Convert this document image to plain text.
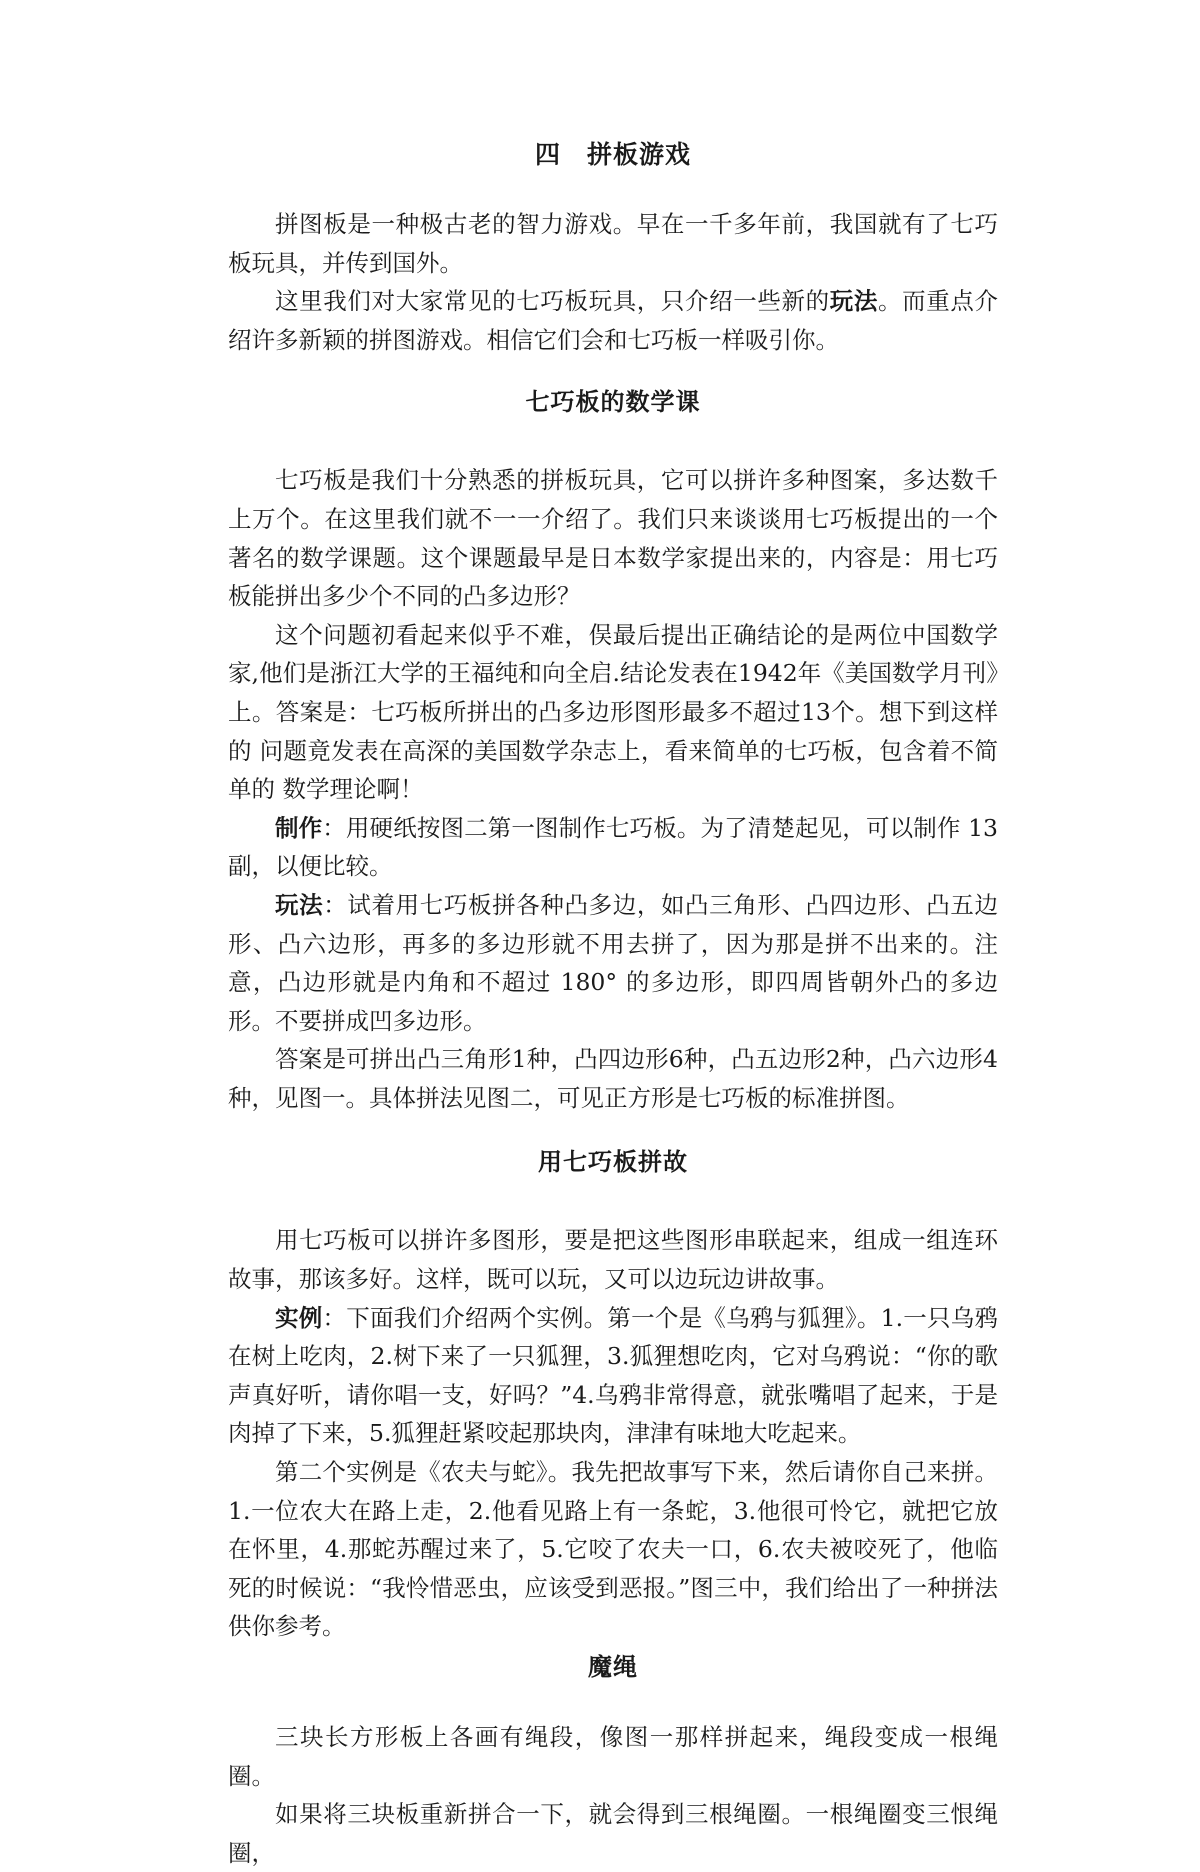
四 拼板游戏

拼图板是一种极古老的智力游戏。早在一千多年前，我国就有了七巧板玩具，并传到国外。

这里我们对大家常见的七巧板玩具，只介绍一些新的玩法。而重点介绍许多新颖的拼图游戏。相信它们会和七巧板一样吸引你。

七巧板的数学课

七巧板是我们十分熟悉的拼板玩具，它可以拼许多种图案，多达数千上万个。在这里我们就不一一介绍了。我们只来谈谈用七巧板提出的一个著名的数学课题。这个课题最早是日本数学家提出来的，内容是：用七巧板能拼出多少个不同的凸多边形？

这个问题初看起来似乎不难，俣最后提出正确结论的是两位中国数学 家,他们是浙江大学的王福纯和向全启.结论发表在1942年《美国数学月刊》上。答案是：七巧板所拼出的凸多边形图形最多不超过13个。想下到这样的 问题竟发表在高深的美国数学杂志上，看来简单的七巧板，包含着不简单的 数学理论啊！

制作：用硬纸按图二第一图制作七巧板。为了清楚起见，可以制作 13 副，以便比较。

玩法：试着用七巧板拼各种凸多边，如凸三角形、凸四边形、凸五边形、凸六边形，再多的多边形就不用去拼了，因为那是拼不出来的。注意，凸边形就是内角和不超过 180° 的多边形，即四周皆朝外凸的多边形。不要拼成凹多边形。

答案是可拼出凸三角形1种，凸四边形6种，凸五边形2种，凸六边形4种，见图一。具体拼法见图二，可见正方形是七巧板的标准拼图。

用七巧板拼故

用七巧板可以拼许多图形，要是把这些图形串联起来，组成一组连环故事，那该多好。这样，既可以玩，又可以边玩边讲故事。

实例：下面我们介绍两个实例。第一个是《乌鸦与狐狸》。1.一只乌鸦在树上吃肉，2.树下来了一只狐狸，3.狐狸想吃肉，它对乌鸦说：“你的歌声真好听，请你唱一支，好吗？”4.乌鸦非常得意，就张嘴唱了起来，于是肉掉了下来，5.狐狸赶紧咬起那块肉，津津有味地大吃起来。

第二个实例是《农夫与蛇》。我先把故事写下来，然后请你自己来拼。1.一位农大在路上走，2.他看见路上有一条蛇，3.他很可怜它，就把它放在怀里，4.那蛇苏醒过来了，5.它咬了农夫一口，6.农夫被咬死了，他临死的时候说：“我怜惜恶虫，应该受到恶报。”图三中，我们给出了一种拼法供你参考。

魔绳

三块长方形板上各画有绳段，像图一那样拼起来，绳段变成一根绳圈。

如果将三块板重新拼合一下，就会得到三根绳圈。一根绳圈变三恨绳圈，
